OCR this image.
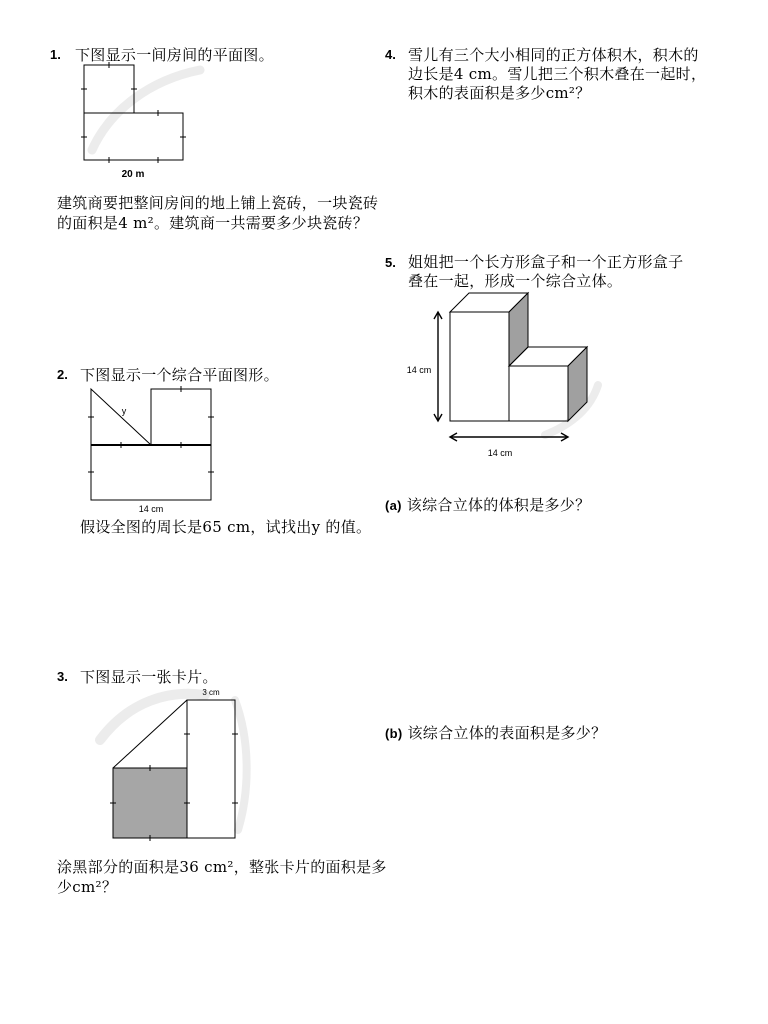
1. 下图显示一间房间的平面图。
20 m
建筑商要把整间房间的地上铺上瓷砖，一块瓷砖
的面积是4 m²。建筑商一共需要多少块瓷砖？
2. 下图显示一个综合平面图形。
y
14 cm
假设全图的周长是65 cm，试找出y 的值。
3. 下图显示一张卡片。
3 cm
涂黑部分的面积是36 cm²，整张卡片的面积是多
少cm²？
4. 雪儿有三个大小相同的正方体积木，积木的
边长是4 cm。雪儿把三个积木叠在一起时，
积木的表面积是多少cm²？
5. 姐姐把一个长方形盒子和一个正方形盒子
叠在一起，形成一个综合立体。
14 cm
14 cm
(a) 该综合立体的体积是多少？
(b) 该综合立体的表面积是多少？
